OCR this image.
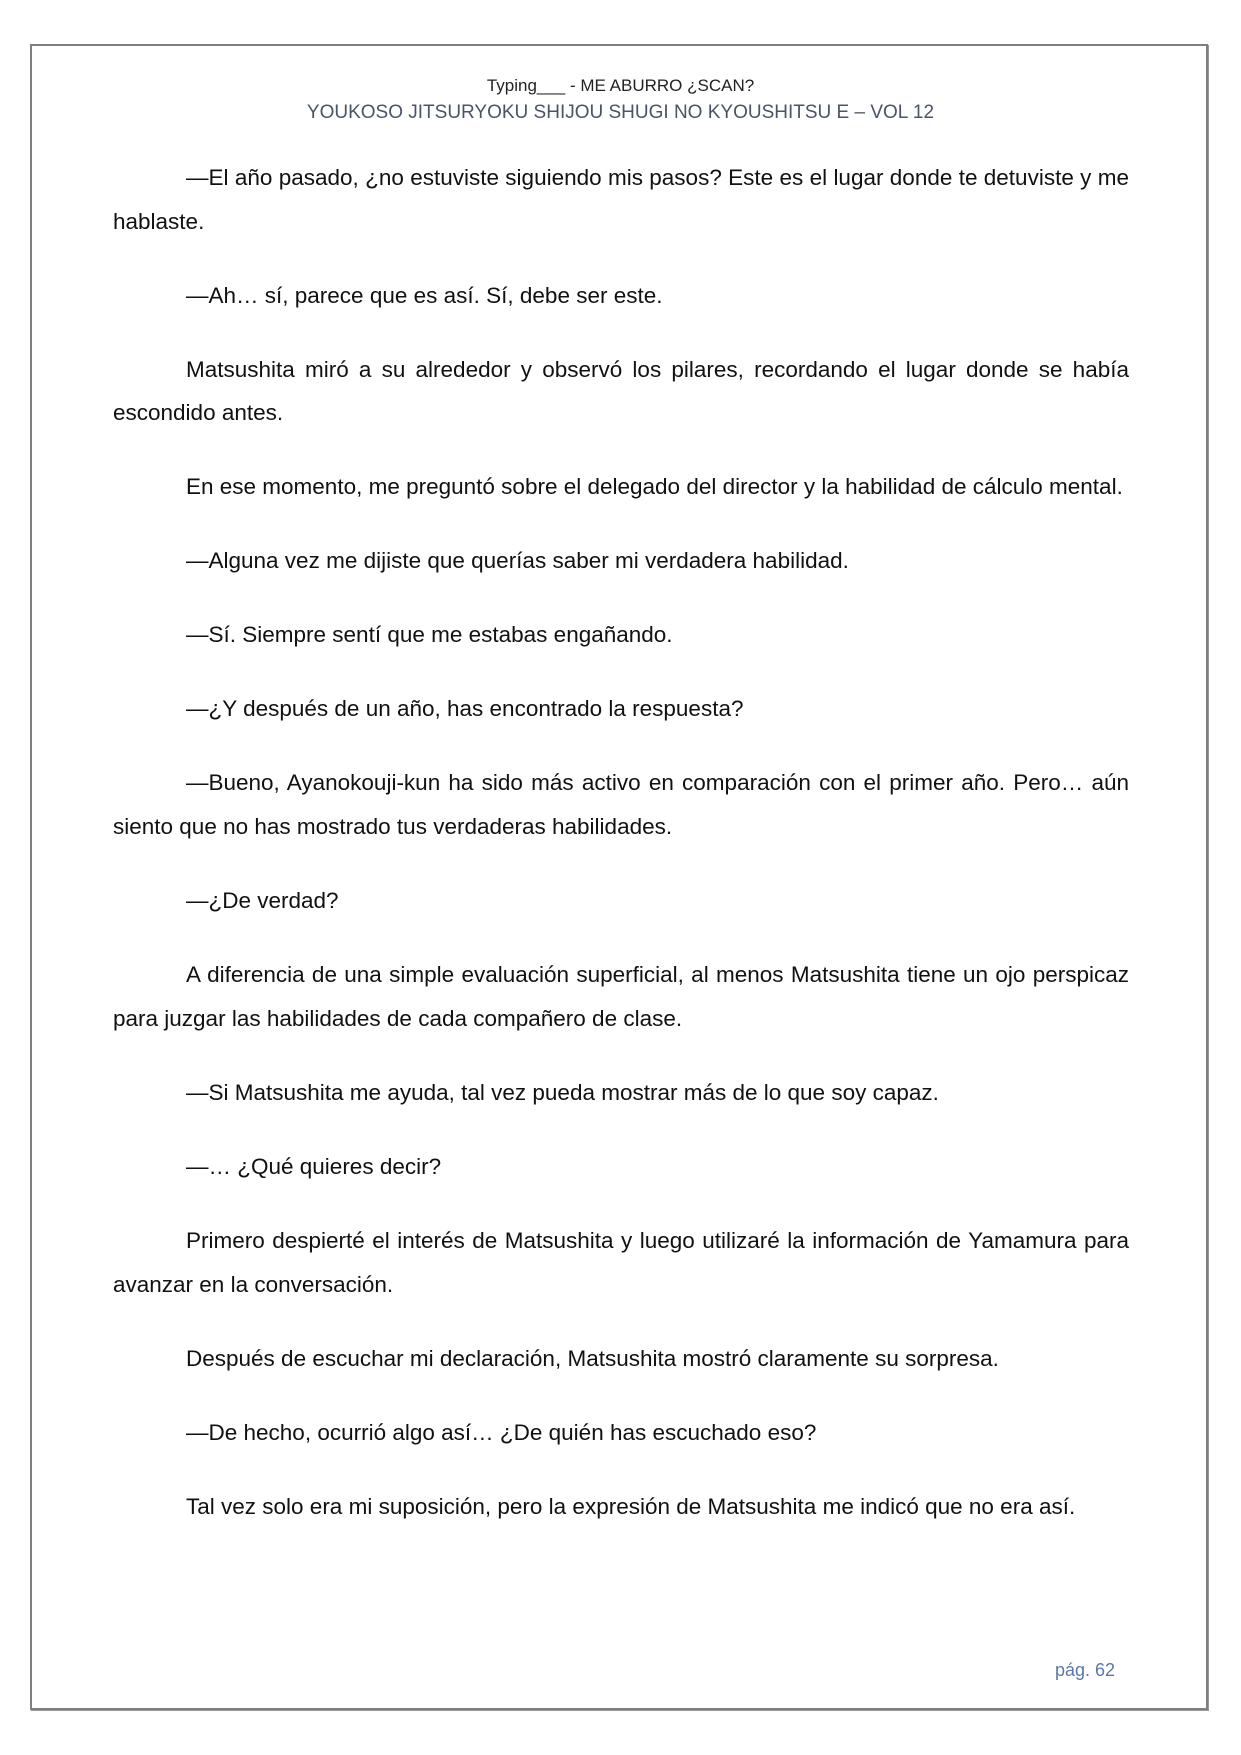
Typing___ - ME ABURRO ¿SCAN?
YOUKOSO JITSURYOKU SHIJOU SHUGI NO KYOUSHITSU E – VOL 12

—El año pasado, ¿no estuviste siguiendo mis pasos? Este es el lugar donde te detuviste y me hablaste.

—Ah… sí, parece que es así. Sí, debe ser este.

Matsushita miró a su alrededor y observó los pilares, recordando el lugar donde se había escondido antes.

En ese momento, me preguntó sobre el delegado del director y la habilidad de cálculo mental.

—Alguna vez me dijiste que querías saber mi verdadera habilidad.

—Sí. Siempre sentí que me estabas engañando.

—¿Y después de un año, has encontrado la respuesta?

—Bueno, Ayanokouji-kun ha sido más activo en comparación con el primer año. Pero… aún siento que no has mostrado tus verdaderas habilidades.

—¿De verdad?

A diferencia de una simple evaluación superficial, al menos Matsushita tiene un ojo perspicaz para juzgar las habilidades de cada compañero de clase.

—Si Matsushita me ayuda, tal vez pueda mostrar más de lo que soy capaz.

—… ¿Qué quieres decir?

Primero despierté el interés de Matsushita y luego utilizaré la información de Yamamura para avanzar en la conversación.

Después de escuchar mi declaración, Matsushita mostró claramente su sorpresa.

—De hecho, ocurrió algo así… ¿De quién has escuchado eso?

Tal vez solo era mi suposición, pero la expresión de Matsushita me indicó que no era así.

pág. 62
